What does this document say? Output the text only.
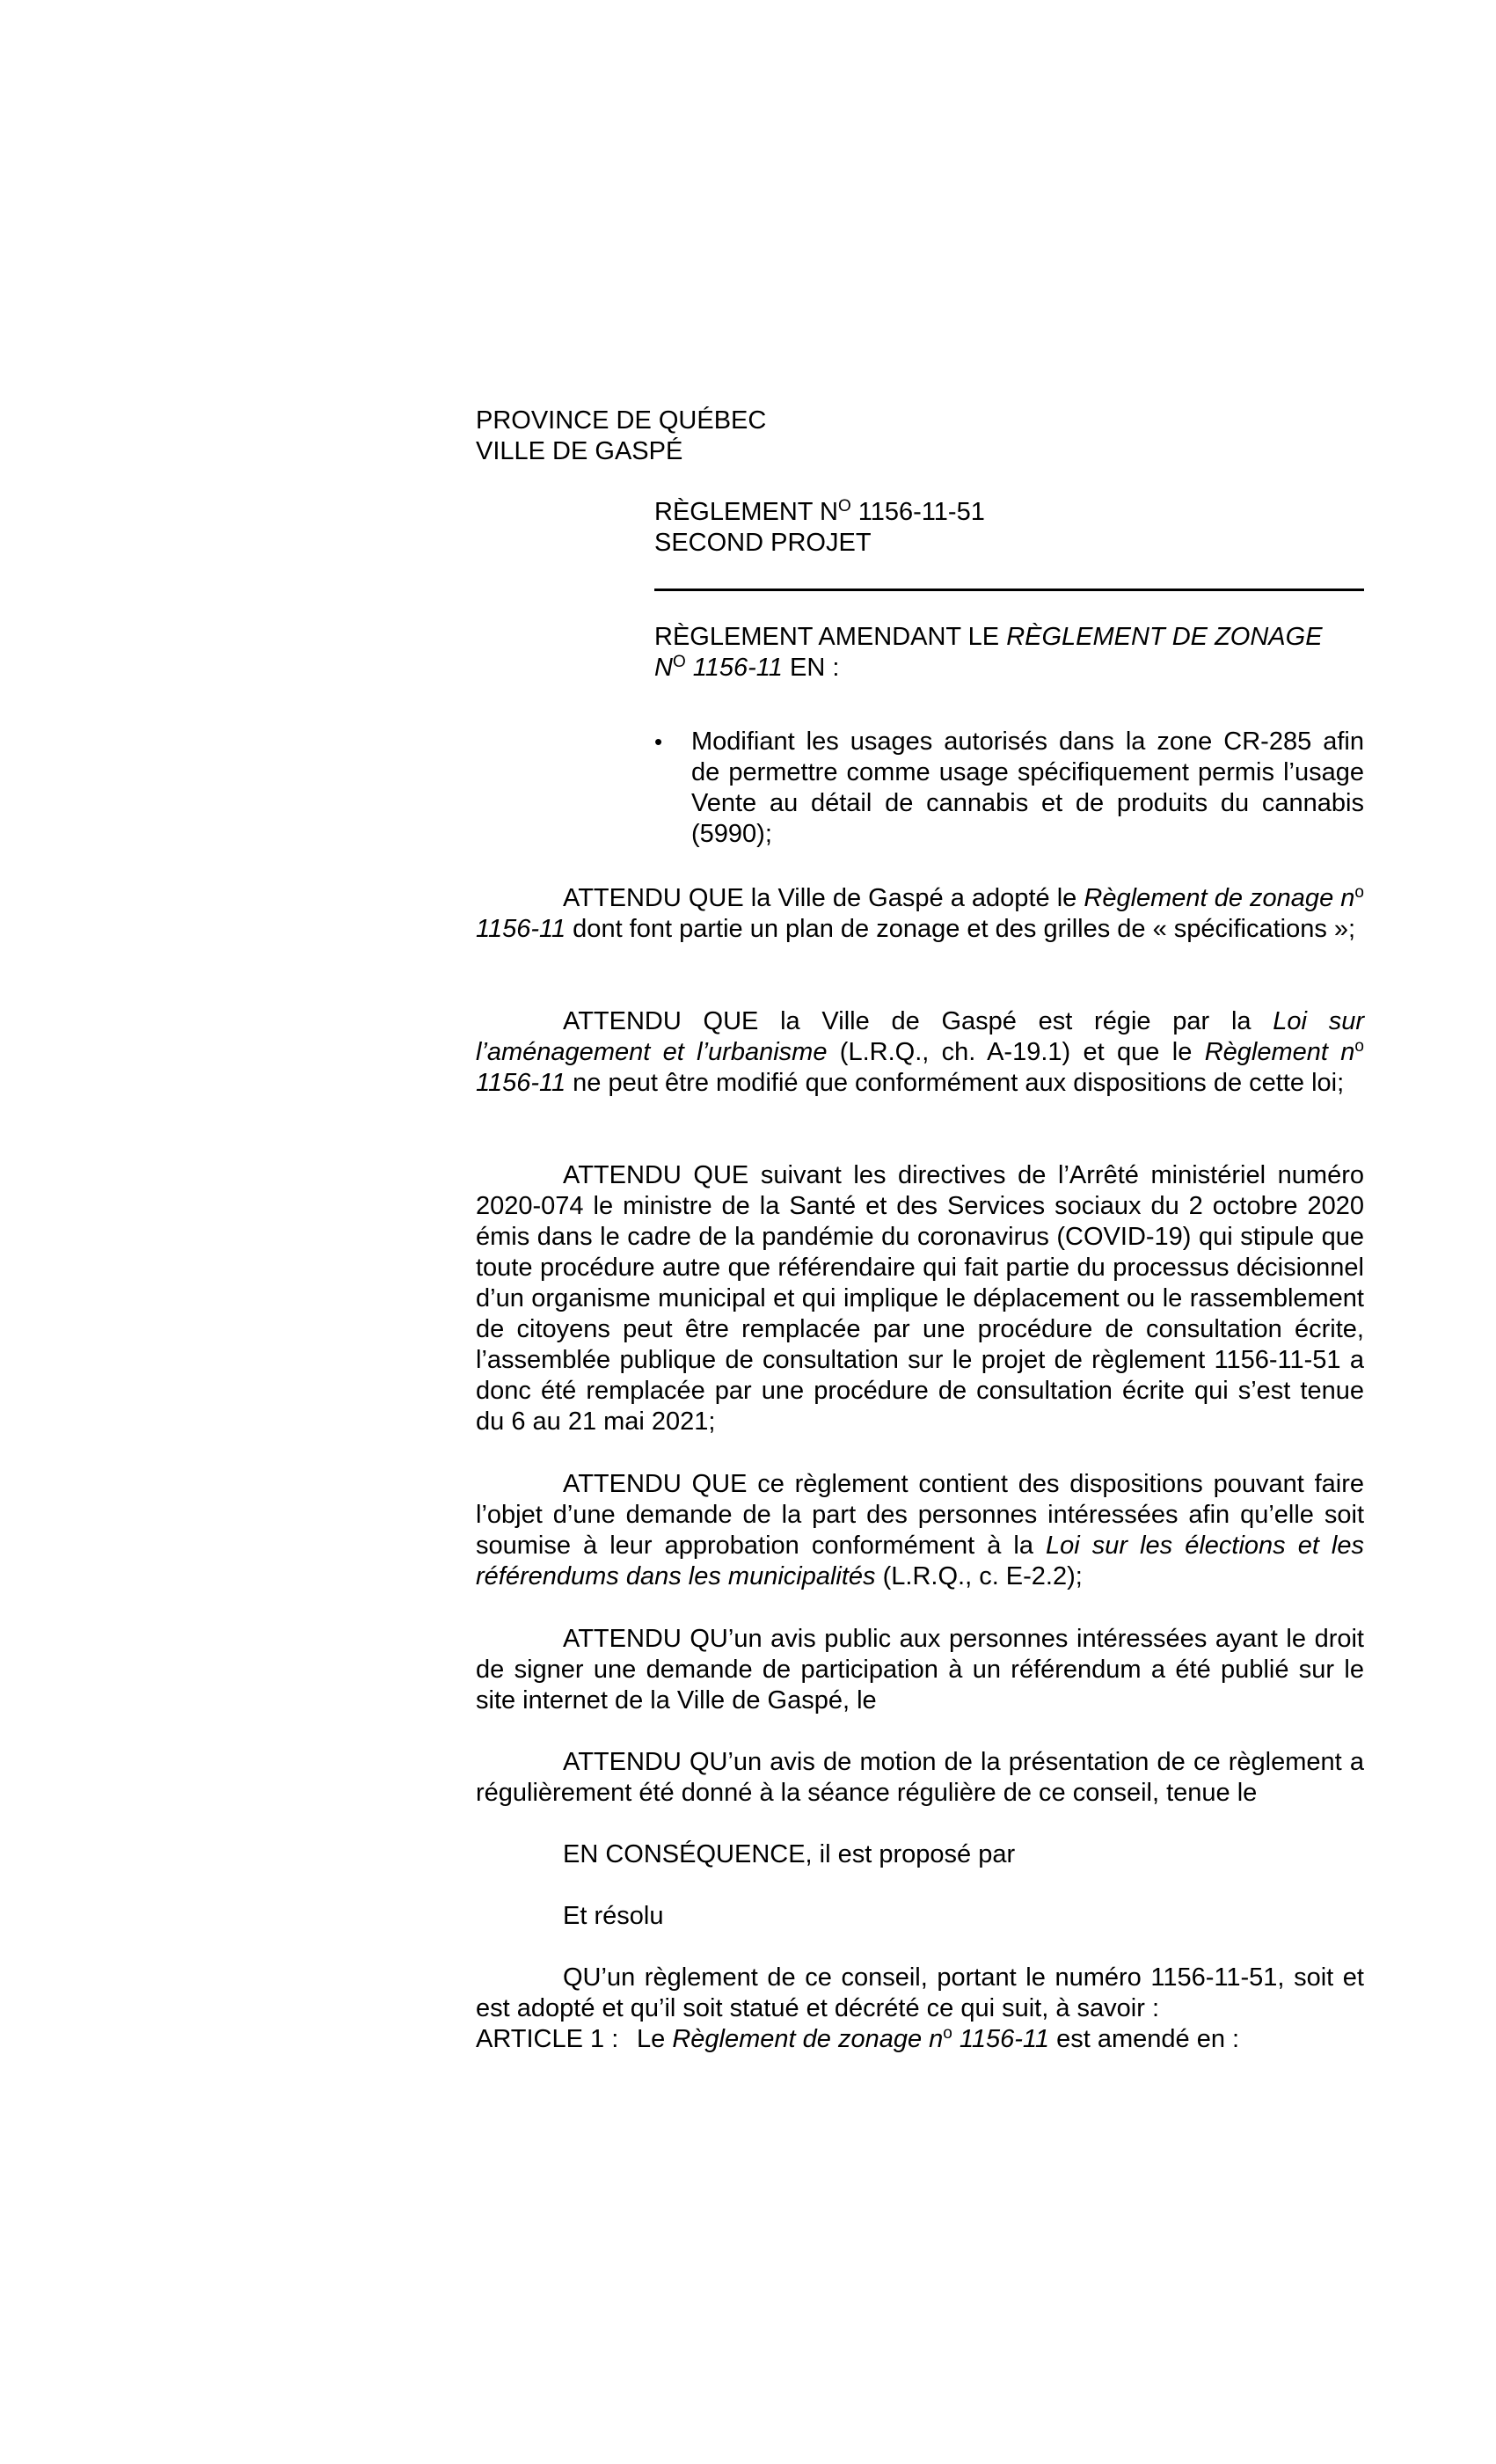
PROVINCE DE QUÉBEC
VILLE DE GASPÉ
RÈGLEMENT $N^O$ 1156-11-51
SECOND PROJET
RÈGLEMENT AMENDANT LE RÈGLEMENT DE ZONAGE
$N^O$ 1156-11 EN :
• Modifiant les usages autorisés dans la zone CR-285 afin de permettre comme usage spécifiquement permis l’usage Vente au détail de cannabis et de produits du cannabis (5990);
ATTENDU QUE la Ville de Gaspé a adopté le Règlement de zonage $n^o$ 1156-11 dont font partie un plan de zonage et des grilles de « spécifications »;
ATTENDU QUE la Ville de Gaspé est régie par la Loi sur l’aménagement et l’urbanisme (L.R.Q., ch. A-19.1) et que le Règlement $n^o$ 1156-11 ne peut être modifié que conformément aux dispositions de cette loi;
ATTENDU QUE suivant les directives de l’Arrêté ministériel numéro 2020-074 le ministre de la Santé et des Services sociaux du 2 octobre 2020 émis dans le cadre de la pandémie du coronavirus (COVID-19) qui stipule que toute procédure autre que référendaire qui fait partie du processus décisionnel d’un organisme municipal et qui implique le déplacement ou le rassemblement de citoyens peut être remplacée par une procédure de consultation écrite, l’assemblée publique de consultation sur le projet de règlement 1156-11-51 a donc été remplacée par une procédure de consultation écrite qui s’est tenue du 6 au 21 mai 2021;
ATTENDU QUE ce règlement contient des dispositions pouvant faire l’objet d’une demande de la part des personnes intéressées afin qu’elle soit soumise à leur approbation conformément à la Loi sur les élections et les référendums dans les municipalités (L.R.Q., c. E-2.2);
ATTENDU QU’un avis public aux personnes intéressées ayant le droit de signer une demande de participation à un référendum a été publié sur le site internet de la Ville de Gaspé, le
ATTENDU QU’un avis de motion de la présentation de ce règlement a régulièrement été donné à la séance régulière de ce conseil, tenue le
EN CONSÉQUENCE, il est proposé par
Et résolu
QU’un règlement de ce conseil, portant le numéro 1156-11-51, soit et est adopté et qu’il soit statué et décrété ce qui suit, à savoir :
ARTICLE 1 : Le Règlement de zonage $n^o$ 1156-11 est amendé en :
